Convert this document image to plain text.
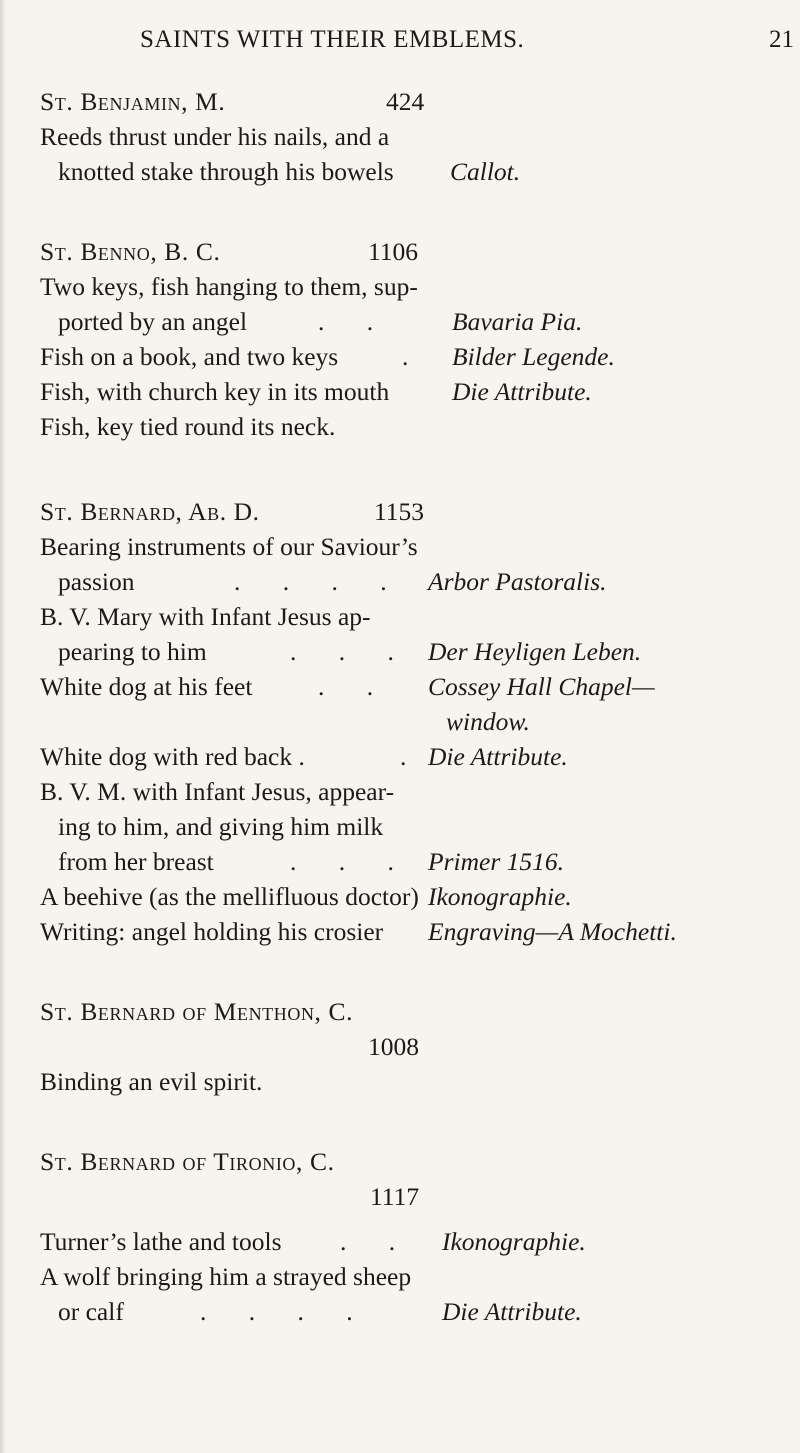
SAINTS WITH THEIR EMBLEMS.	21
St. Benjamin, M.	424
Reeds thrust under his nails, and a
knotted stake through his bowels Callot.
St. Benno, B. C.	1106
Two keys, fish hanging to them, sup-
ported by an angel	. . Bavaria Pia.
Fish on a book, and two keys	. Bilder Legende.
Fish, with church key in its mouth Die Attribute.
Fish, key tied round its neck.
St. Bernard, Ab. D.	1153
Bearing instruments of our Saviour’s
passion	. . . . Arbor Pastoralis.
B. V. Mary with Infant Jesus ap-
pearing to him	. . . Der Heyligen Leben.
White dog at his feet	. . Cossey Hall Chapel—
window.
White dog with red back .	. Die Attribute.
B. V. M. with Infant Jesus, appear-
ing to him, and giving him milk
from her breast	. . . Primer 1516.
A beehive (as the mellifluous doctor) Ikonographie.
Writing: angel holding his crosier Engraving—A Mochetti.
St. Bernard of Menthon, C.
1008
Binding an evil spirit.
St. Bernard of Tironio, C.
1117
Turner’s lathe and tools . . Ikonographie.
A wolf bringing him a strayed sheep
or calf	. . . .	Die Attribute.
